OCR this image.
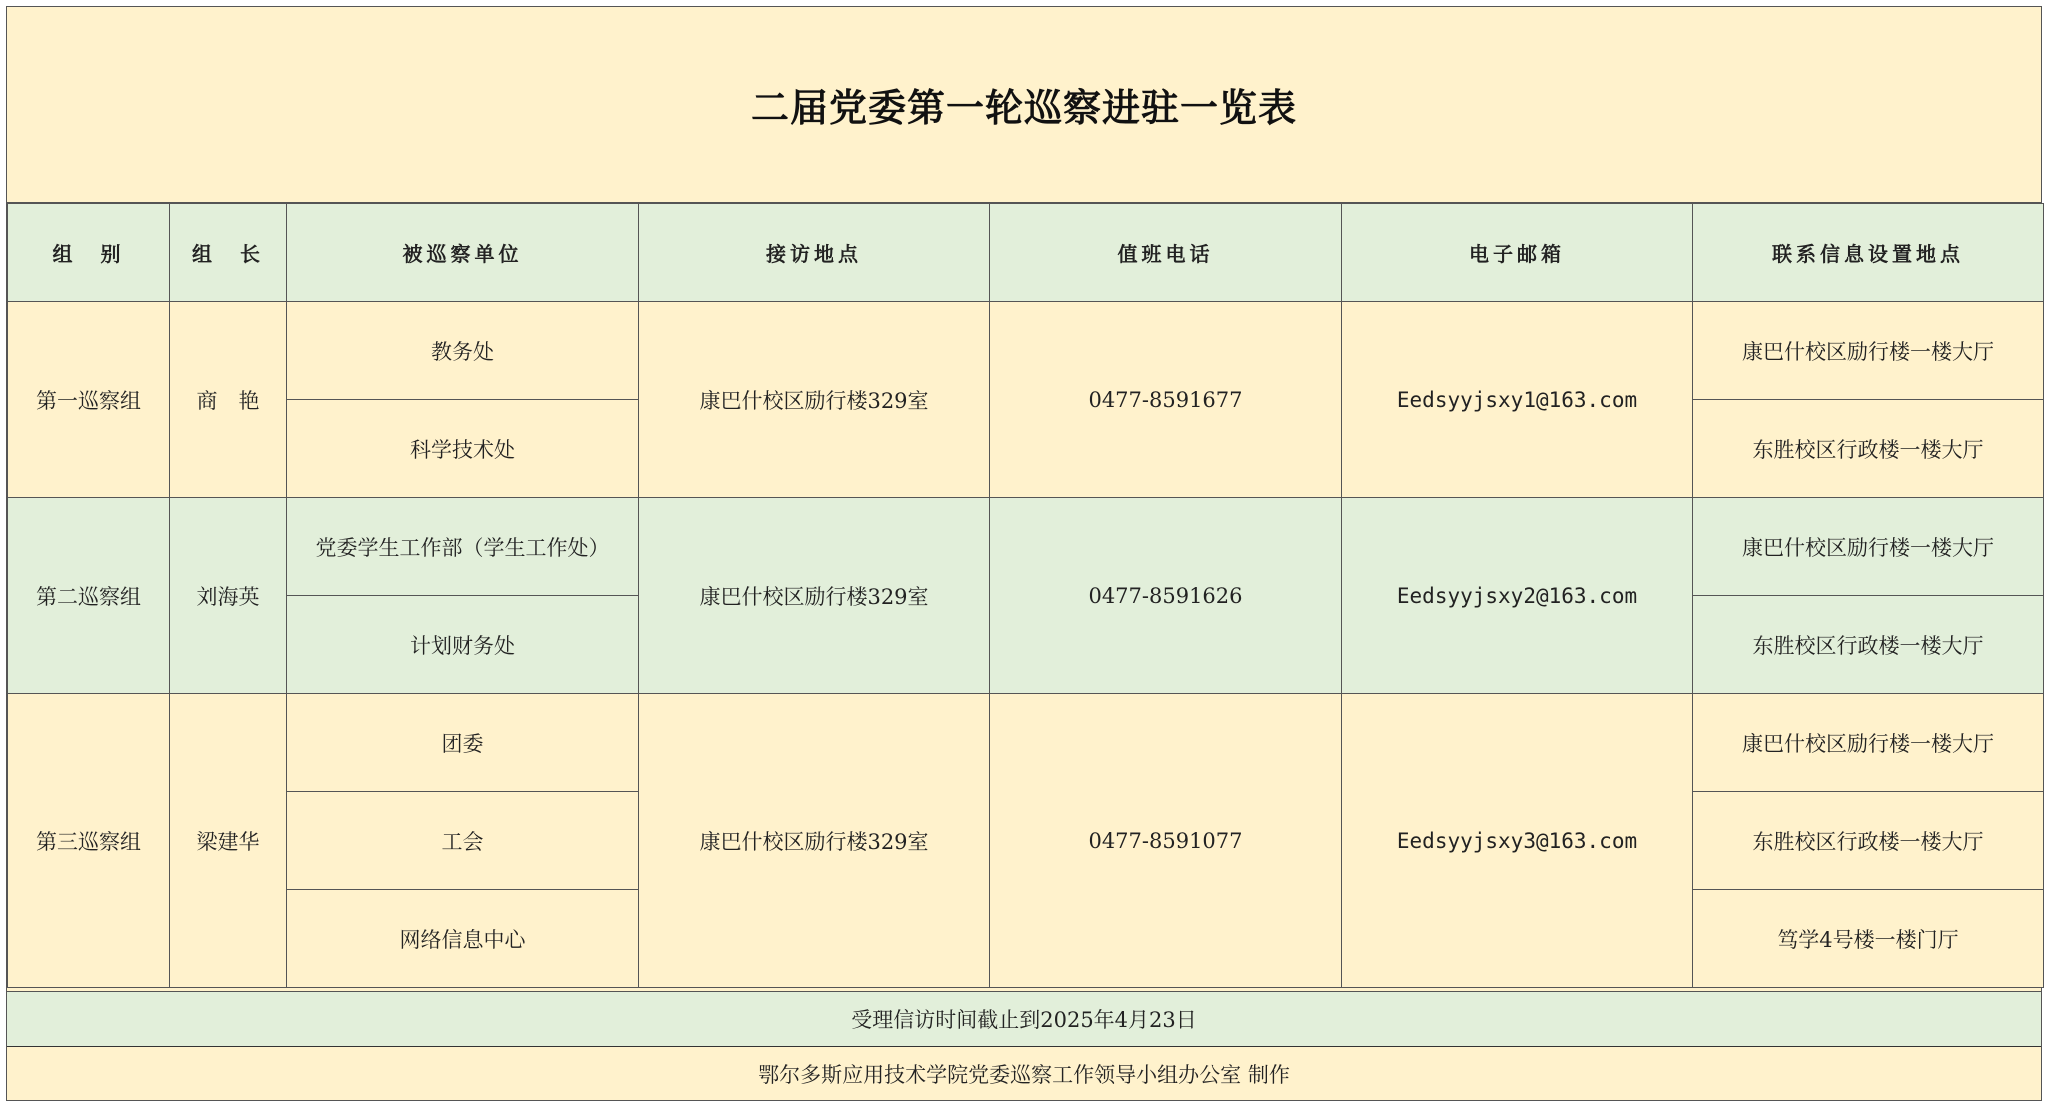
二届党委第一轮巡察进驻一览表
组　别	组　长	被巡察单位	接访地点	值班电话	电子邮箱	联系信息设置地点
第一巡察组	商　艳	教务处	康巴什校区励行楼329室	0477-8591677	Eedsyyjsxy1@163.com	康巴什校区励行楼一楼大厅
		科学技术处				东胜校区行政楼一楼大厅
第二巡察组	刘海英	党委学生工作部（学生工作处）	康巴什校区励行楼329室	0477-8591626	Eedsyyjsxy2@163.com	康巴什校区励行楼一楼大厅
		计划财务处				东胜校区行政楼一楼大厅
第三巡察组	梁建华	团委	康巴什校区励行楼329室	0477-8591077	Eedsyyjsxy3@163.com	康巴什校区励行楼一楼大厅
		工会				东胜校区行政楼一楼大厅
		网络信息中心				笃学4号楼一楼门厅
受理信访时间截止到2025年4月23日
鄂尔多斯应用技术学院党委巡察工作领导小组办公室 制作
